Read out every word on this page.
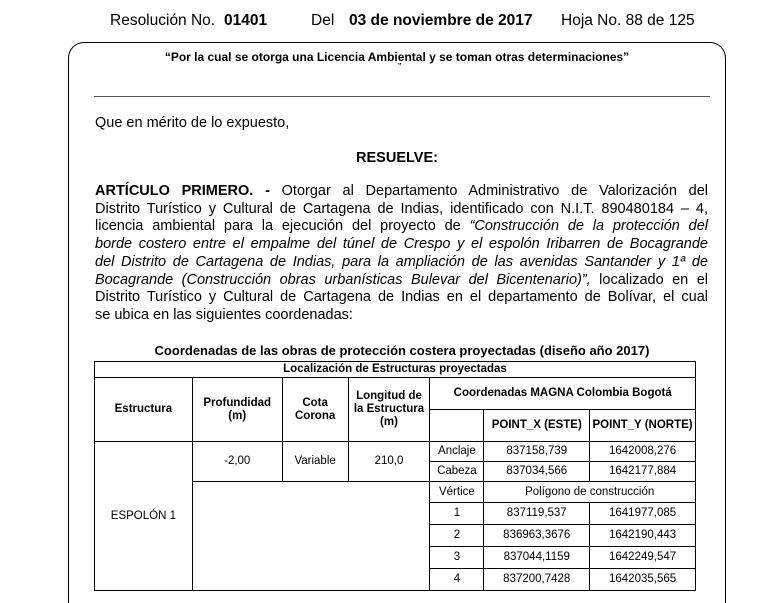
Resolución No. 01401	Del 03 de noviembre de 2017 Hoja No. 88 de 125
“Por la cual se otorga una Licencia Ambiental y se toman otras determinaciones”
”
Que en mérito de lo expuesto,
RESUELVE:
ARTÍCULO PRIMERO. - Otorgar al Departamento Administrativo de Valorización del
Distrito Turístico y Cultural de Cartagena de Indias, identificado con N.I.T. 890480184 – 4,
licencia ambiental para la ejecución del proyecto de “Construcción de la protección del
borde costero entre el empalme del túnel de Crespo y el espolón Iribarren de Bocagrande
del Distrito de Cartagena de Indias, para la ampliación de las avenidas Santander y 1ª de
Bocagrande (Construcción obras urbanísticas Bulevar del Bicentenario)”, localizado en el
Distrito Turístico y Cultural de Cartagena de Indias en el departamento de Bolívar, el cual
se ubica en las siguientes coordenadas:
Coordenadas de las obras de protección costera proyectadas (diseño año 2017)
Localización de Estructuras proyectadas						
Estructura	Profundidad (m)	Cota Corona	Longitud de la Estructura (m)	Coordenadas MAGNA Colombia Bogotá		
					POINT_X (ESTE)	POINT_Y (NORTE)
ESPOLÓN 1	-2,00	Variable	210,0	Anclaje	837158,739	1642008,276
				Cabeza	837034,566	1642177,884
				Vértice	Polígono de construcción	
				1	837119,537	1641977,085
				2	836963,3676	1642190,443
				3	837044,1159	1642249,547
				4	837200,7428	1642035,565
